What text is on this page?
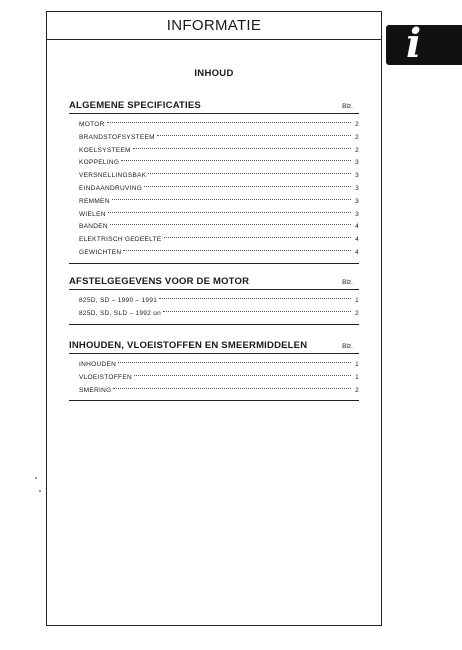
INFORMATIE	i
INHOUD
ALGEMENE SPECIFICATIES	Blz.
MOTOR	2
BRANDSTOFSYSTEEM	2
KOELSYSTEEM	2
KOPPELING	3
VERSNELLINGSBAK	3
EINDAANDRUVING	3
REMMEN	3
WIELEN	3
BANDEN	4
ELEKTRISCH GEDEELTE	4
GEWICHTEN	4
AFSTELGEGEVENS VOOR DE MOTOR	Blz.
825D, SD – 1990 – 1991	1
825D, SD, SLD – 1992 on	2
INHOUDEN, VLOEISTOFFEN EN SMEERMIDDELEN	Blz.
INHOUDEN	1
VLOEISTOFFEN	1
SMERING	2
